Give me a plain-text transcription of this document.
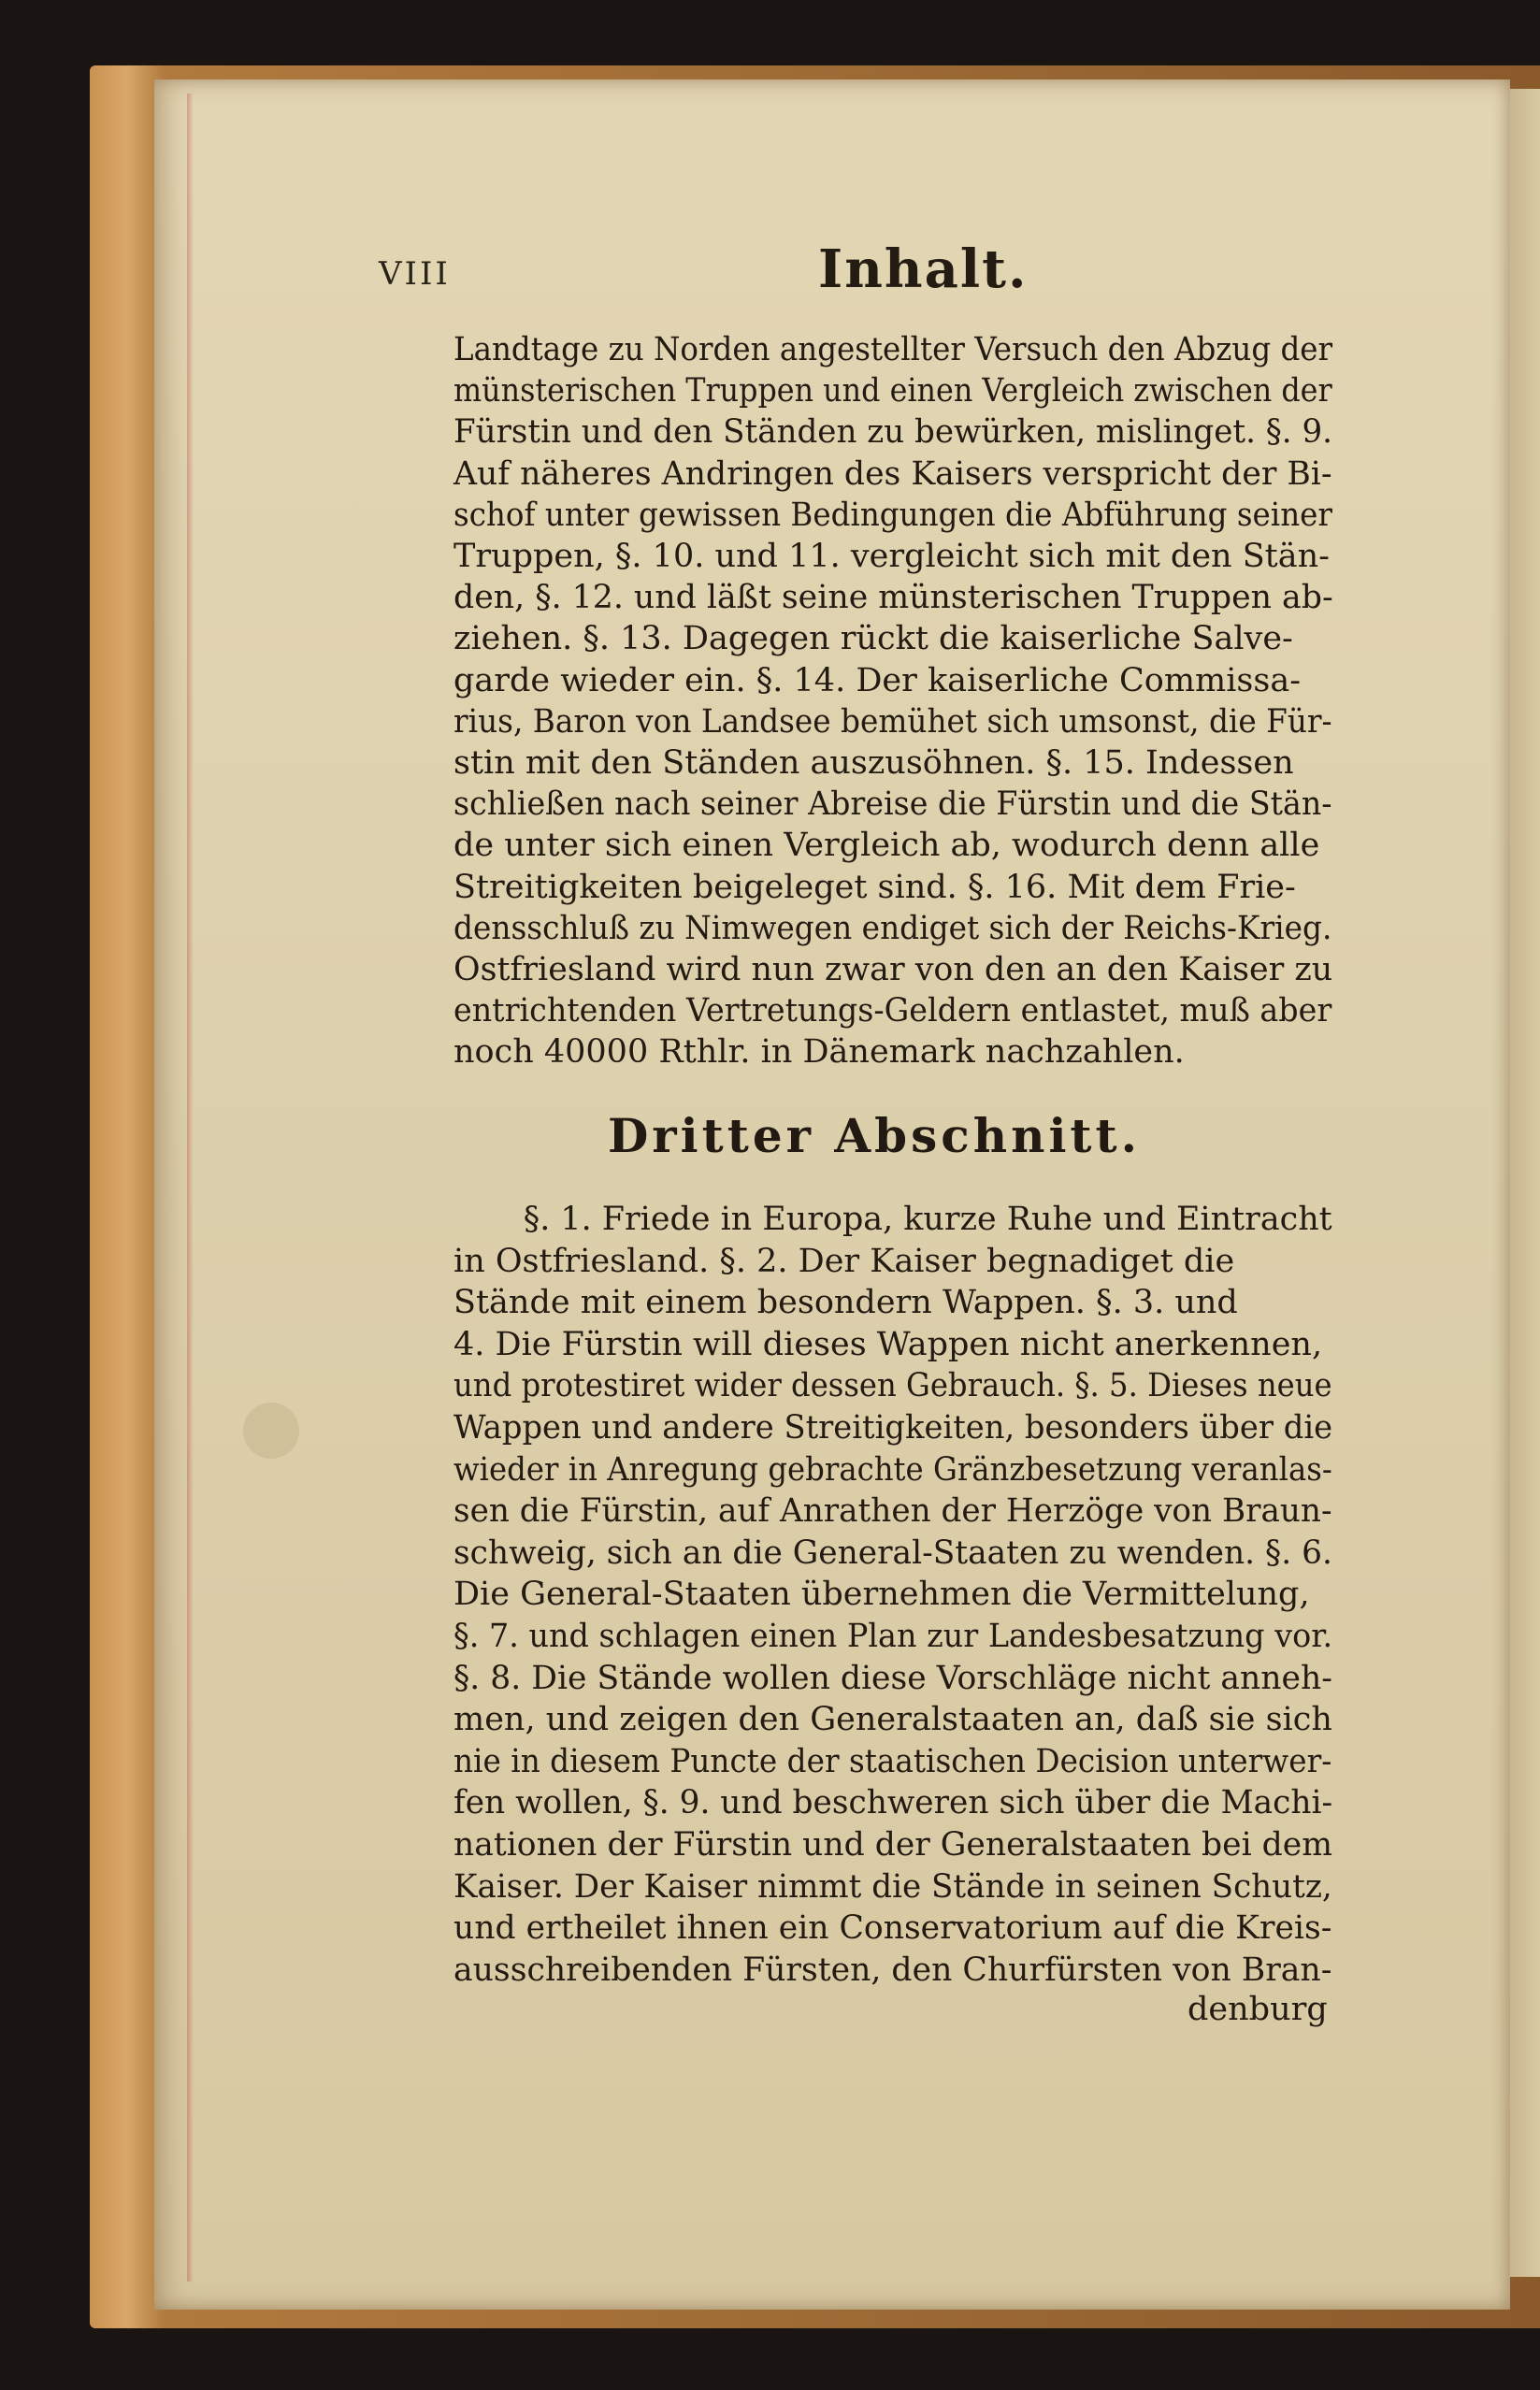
VIII	Inhalt.
Landtage zu Norden angestellter Versuch den Abzug der
münsterischen Truppen und einen Vergleich zwischen der
Fürstin und den Ständen zu bewürken, mislinget. §. 9.
Auf näheres Andringen des Kaisers verspricht der Bi-
schof unter gewissen Bedingungen die Abführung seiner
Truppen, §. 10. und 11. vergleicht sich mit den Stän-
den, §. 12. und läßt seine münsterischen Truppen ab-
ziehen. §. 13. Dagegen rückt die kaiserliche Salve-
garde wieder ein. §. 14. Der kaiserliche Commissa-
rius, Baron von Landsee bemühet sich umsonst, die Für-
stin mit den Ständen auszusöhnen. §. 15. Indessen
schließen nach seiner Abreise die Fürstin und die Stän-
de unter sich einen Vergleich ab, wodurch denn alle
Streitigkeiten beigeleget sind. §. 16. Mit dem Frie-
densschluß zu Nimwegen endiget sich der Reichs-Krieg.
Ostfriesland wird nun zwar von den an den Kaiser zu
entrichtenden Vertretungs-Geldern entlastet, muß aber
noch 40000 Rthlr. in Dänemark nachzahlen.
Dritter Abschnitt.
§. 1. Friede in Europa, kurze Ruhe und Eintracht
in Ostfriesland. §. 2. Der Kaiser begnadiget die
Stände mit einem besondern Wappen. §. 3. und
4. Die Fürstin will dieses Wappen nicht anerkennen,
und protestiret wider dessen Gebrauch. §. 5. Dieses neue
Wappen und andere Streitigkeiten, besonders über die
wieder in Anregung gebrachte Gränzbesetzung veranlas-
sen die Fürstin, auf Anrathen der Herzöge von Braun-
schweig, sich an die General-Staaten zu wenden. §. 6.
Die General-Staaten übernehmen die Vermittelung,
§. 7. und schlagen einen Plan zur Landesbesatzung vor.
§. 8. Die Stände wollen diese Vorschläge nicht anneh-
men, und zeigen den Generalstaaten an, daß sie sich
nie in diesem Puncte der staatischen Decision unterwer-
fen wollen, §. 9. und beschweren sich über die Machi-
nationen der Fürstin und der Generalstaaten bei dem
Kaiser. Der Kaiser nimmt die Stände in seinen Schutz,
und ertheilet ihnen ein Conservatorium auf die Kreis-
ausschreibenden Fürsten, den Churfürsten von Bran-
denburg
